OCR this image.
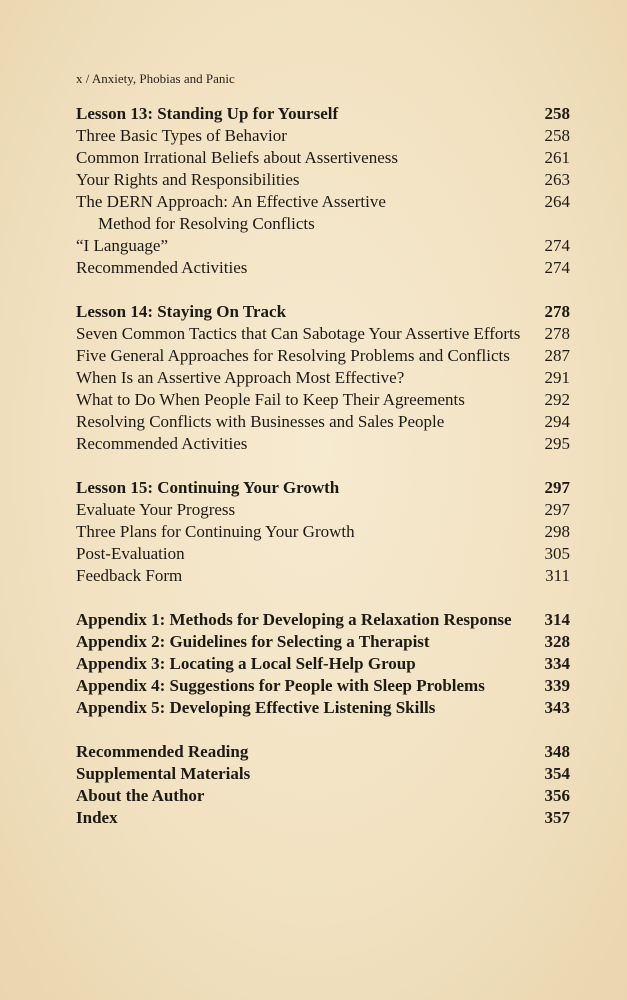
x / Anxiety, Phobias and Panic
Lesson 13: Standing Up for Yourself	258
Three Basic Types of Behavior	258
Common Irrational Beliefs about Assertiveness	261
Your Rights and Responsibilities	263
The DERN Approach: An Effective Assertive	264
Method for Resolving Conflicts
“I Language”	274
Recommended Activities	274
Lesson 14: Staying On Track	278
Seven Common Tactics that Can Sabotage Your Assertive Efforts	278
Five General Approaches for Resolving Problems and Conflicts	287
When Is an Assertive Approach Most Effective?	291
What to Do When People Fail to Keep Their Agreements	292
Resolving Conflicts with Businesses and Sales People	294
Recommended Activities	295
Lesson 15: Continuing Your Growth	297
Evaluate Your Progress	297
Three Plans for Continuing Your Growth	298
Post-Evaluation	305
Feedback Form	311
Appendix 1: Methods for Developing a Relaxation Response	314
Appendix 2: Guidelines for Selecting a Therapist	328
Appendix 3: Locating a Local Self-Help Group	334
Appendix 4: Suggestions for People with Sleep Problems	339
Appendix 5: Developing Effective Listening Skills	343
Recommended Reading	348
Supplemental Materials	354
About the Author	356
Index	357
